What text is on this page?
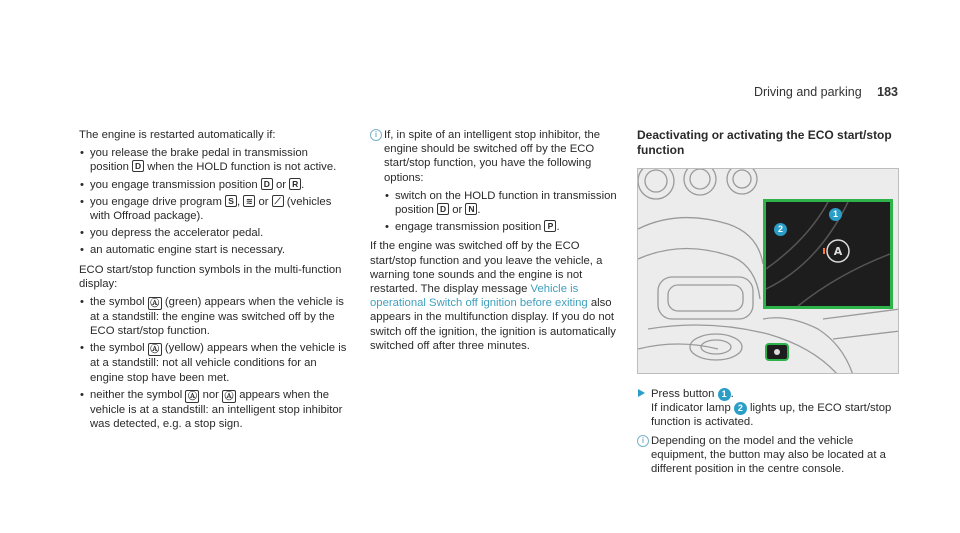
Driving and parking 183

The engine is restarted automatically if:

• you release the brake pedal in transmission position D when the HOLD function is not active.
• you engage transmission position D or R .
• you engage drive program S , ≋ or ⟋ (vehicles with Offroad package).
• you depress the accelerator pedal.
• an automatic engine start is necessary.

ECO start/stop function symbols in the multi-function display:

• the symbol Ⓐ (green) appears when the vehicle is at a standstill: the engine was switched off by the ECO start/stop function.
• the symbol Ⓐ (yellow) appears when the vehicle is at a standstill: not all vehicle conditions for an engine stop have been met.
• neither the symbol Ⓐ nor Ⓐ appears when the vehicle is at a standstill: an intelligent stop inhibitor was detected, e.g. a stop sign.
i If, in spite of an intelligent stop inhibitor, the engine should be switched off by the ECO start/stop function, you have the following options:

• switch on the HOLD function in transmission position D or N .
• engage transmission position P .

If the engine was switched off by the ECO start/stop function and you leave the vehicle, a warning tone sounds and the engine is not restarted. The display message Vehicle is operational Switch off ignition before exiting also appears in the multifunction display. If you do not switch off the ignition, the ignition is automatically switched off after three minutes.

Deactivating or activating the ECO start/stop function
A
1
2
Press button 1 .
If indicator lamp 2 lights up, the ECO start/stop function is activated.
i Depending on the model and the vehicle equipment, the button may also be located at a different position in the centre console.
